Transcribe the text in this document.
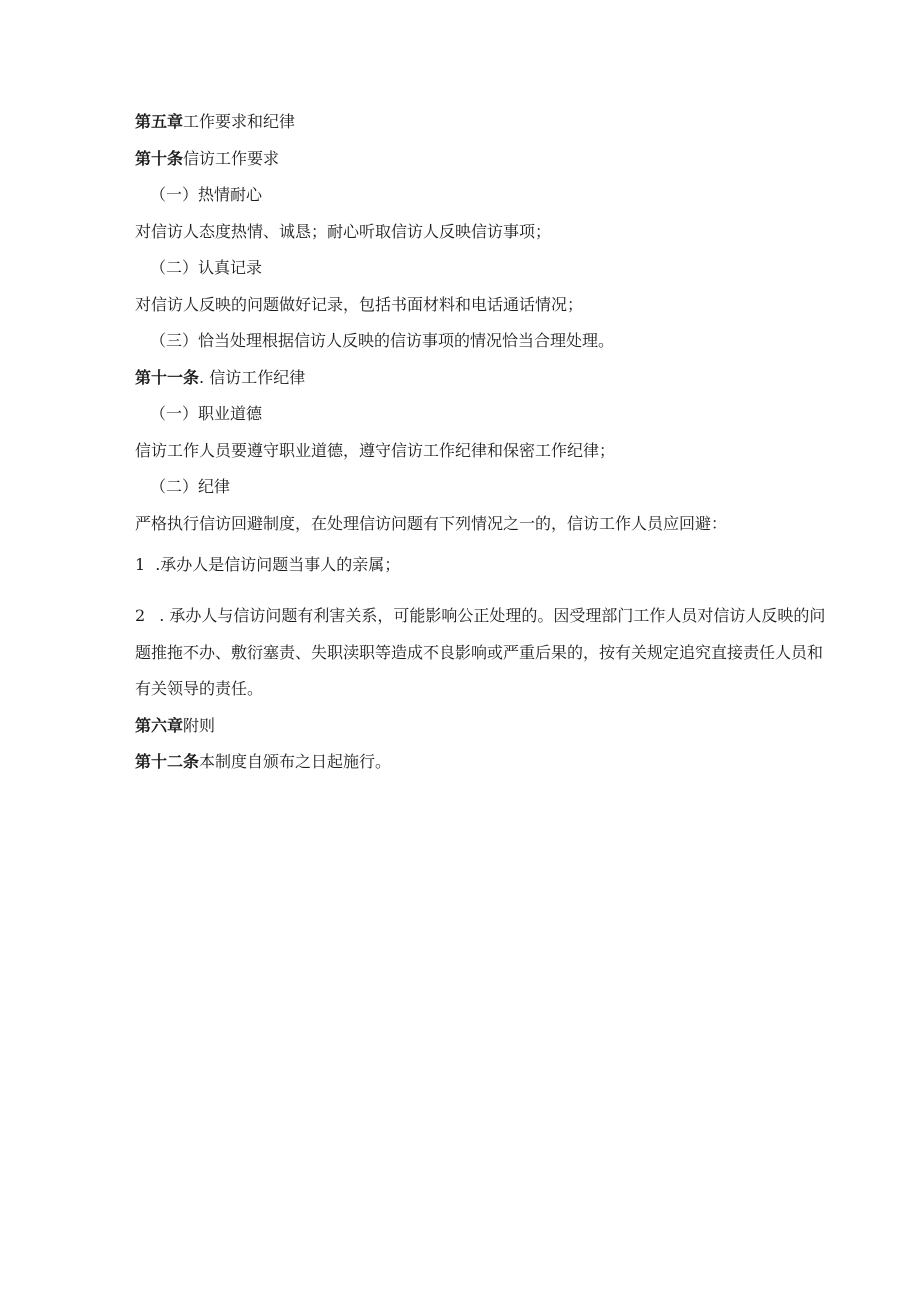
第五章工作要求和纪律
第十条信访工作要求
（一）热情耐心
对信访人态度热情、诚恳；耐心听取信访人反映信访事项；
（二）认真记录
对信访人反映的问题做好记录，包括书面材料和电话通话情况；
（三）恰当处理根据信访人反映的信访事项的情况恰当合理处理。
第十一条. 信访工作纪律
（一）职业道德
信访工作人员要遵守职业道德，遵守信访工作纪律和保密工作纪律；
（二）纪律
严格执行信访回避制度，在处理信访问题有下列情况之一的，信访工作人员应回避：
1 .承办人是信访问题当事人的亲属；
2 . 承办人与信访问题有利害关系，可能影响公正处理的。因受理部门工作人员对信访人反映的问题推拖不办、敷衍塞责、失职渎职等造成不良影响或严重后果的，按有关规定追究直接责任人员和有关领导的责任。
第六章附则
第十二条本制度自颁布之日起施行。
